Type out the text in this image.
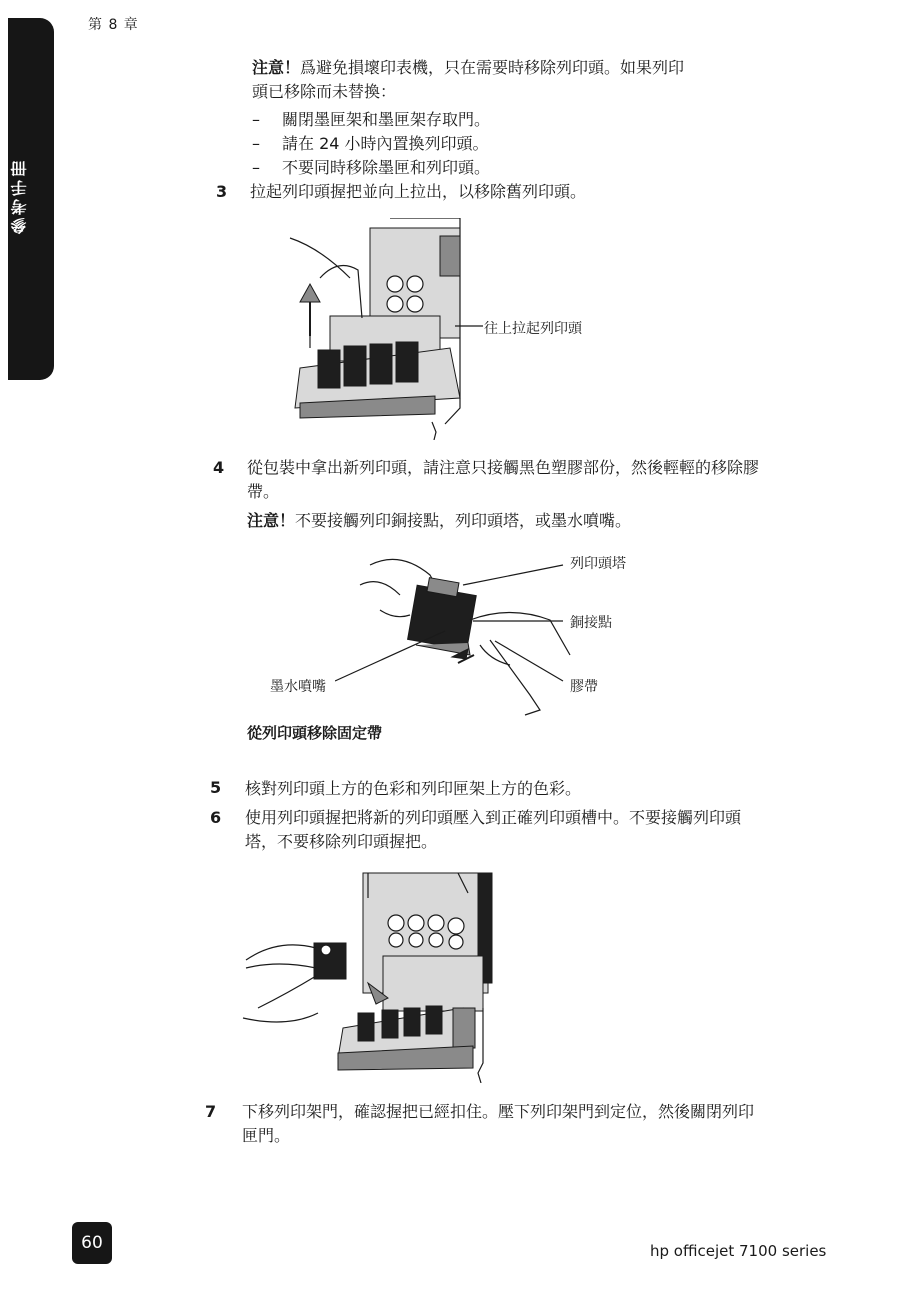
第 8 章
參考手冊
注意！爲避免損壞印表機，只在需要時移除列印頭。如果列印
頭已移除而未替換：
–	關閉墨匣架和墨匣架存取門。
–	請在 24 小時內置換列印頭。
–	不要同時移除墨匣和列印頭。
3 拉起列印頭握把並向上拉出，以移除舊列印頭。
往上拉起列印頭
4 從包裝中拿出新列印頭，請注意只接觸黑色塑膠部份，然後輕輕的移除膠
帶。
注意！不要接觸列印銅接點，列印頭塔，或墨水噴嘴。
列印頭塔
銅接點
墨水噴嘴	膠帶
從列印頭移除固定帶
5 核對列印頭上方的色彩和列印匣架上方的色彩。
6 使用列印頭握把將新的列印頭壓入到正確列印頭槽中。不要接觸列印頭
塔，不要移除列印頭握把。
7 下移列印架門，確認握把已經扣住。壓下列印架門到定位，然後關閉列印
匣門。
60	hp officejet 7100 series
